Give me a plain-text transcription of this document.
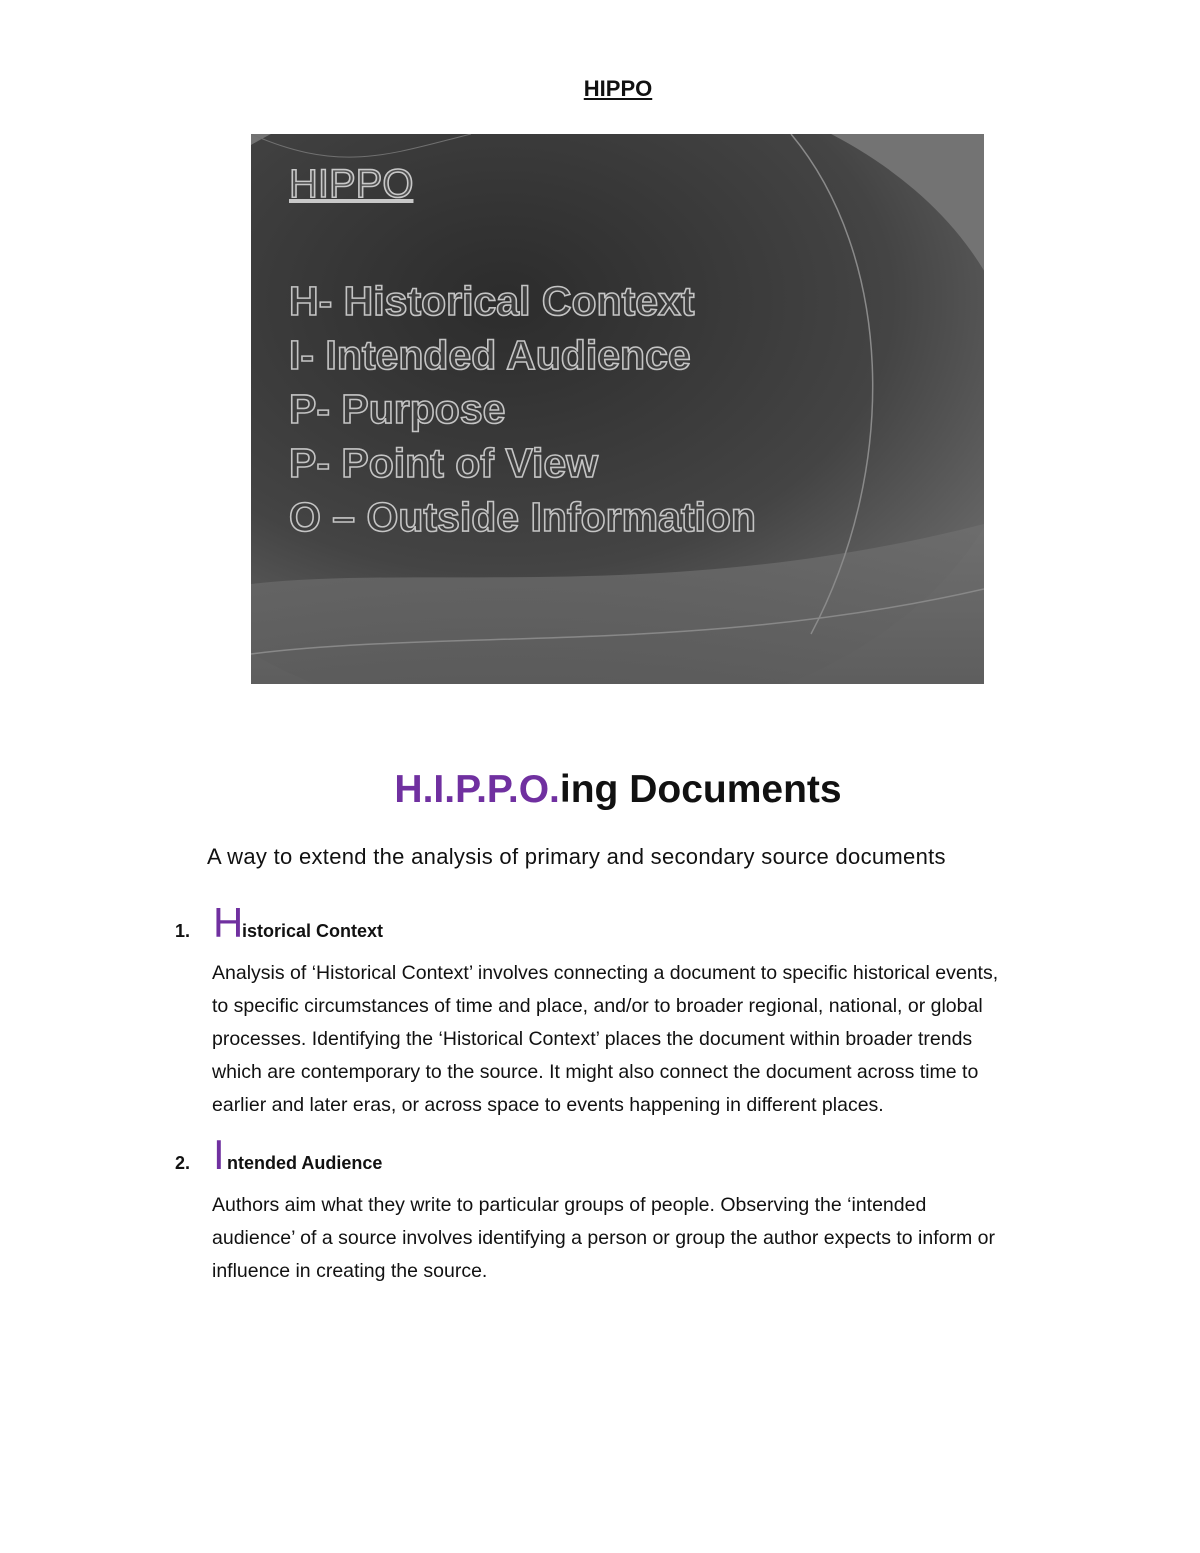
HIPPO
HIPPO
H- Historical Context
I- Intended Audience
P- Purpose
P- Point of View
O – Outside Information
H.I.P.P.O.ing Documents
A way to extend the analysis of primary and secondary source documents
1. H
istorical Context
Analysis of ‘Historical Context’ involves connecting a document to specific historical events,
to specific circumstances of time and place, and/or to broader regional, national, or global
processes. Identifying the ‘Historical Context’ places the document within broader trends
which are contemporary to the source. It might also connect the document across time to
earlier and later eras, or across space to events happening in different places.
2. I ntended Audience
Authors aim what they write to particular groups of people. Observing the ‘intended
audience’ of a source involves identifying a person or group the author expects to inform or
influence in creating the source.
